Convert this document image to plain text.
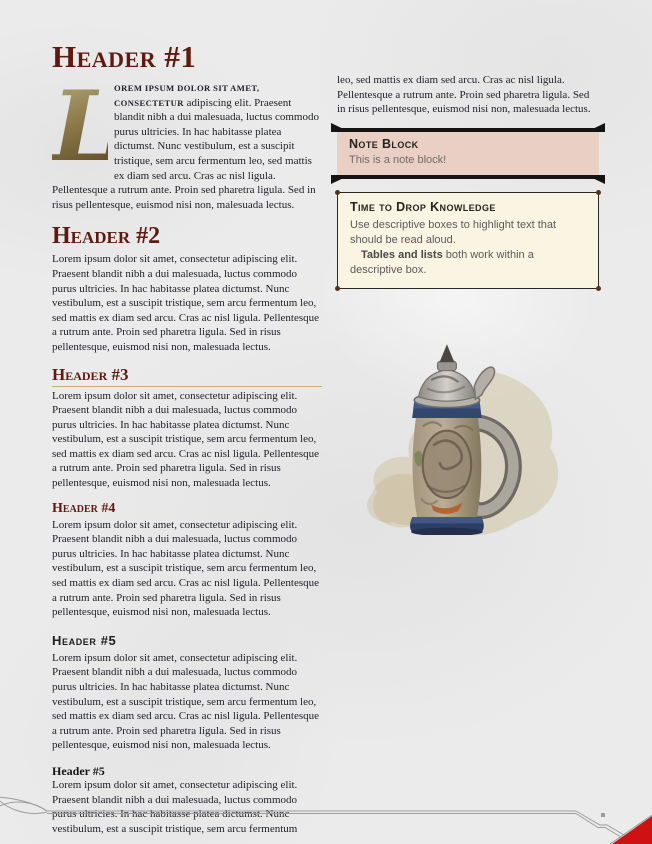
Header #1

L
OREM IPSUM DOLOR SIT AMET, CONSECTETUR adipiscing elit. Praesent blandit nibh a dui malesuada, luctus commodo purus ultricies. In hac habitasse platea dictumst. Nunc vestibulum, est a suscipit tristique, sem arcu fermentum leo, sed mattis ex diam sed arcu. Cras ac nisl ligula. Pellentesque a rutrum ante. Proin sed pharetra ligula. Sed in risus pellentesque, euismod nisi non, malesuada lectus.

Header #2

Lorem ipsum dolor sit amet, consectetur adipiscing elit. Praesent blandit nibh a dui malesuada, luctus commodo purus ultricies. In hac habitasse platea dictumst. Nunc vestibulum, est a suscipit tristique, sem arcu fermentum leo, sed mattis ex diam sed arcu. Cras ac nisl ligula. Pellentesque a rutrum ante. Proin sed pharetra ligula. Sed in risus pellentesque, euismod nisi non, malesuada lectus.

Header #3

Lorem ipsum dolor sit amet, consectetur adipiscing elit. Praesent blandit nibh a dui malesuada, luctus commodo purus ultricies. In hac habitasse platea dictumst. Nunc vestibulum, est a suscipit tristique, sem arcu fermentum leo, sed mattis ex diam sed arcu. Cras ac nisl ligula. Pellentesque a rutrum ante. Proin sed pharetra ligula. Sed in risus pellentesque, euismod nisi non, malesuada lectus.

Header #4

Lorem ipsum dolor sit amet, consectetur adipiscing elit. Praesent blandit nibh a dui malesuada, luctus commodo purus ultricies. In hac habitasse platea dictumst. Nunc vestibulum, est a suscipit tristique, sem arcu fermentum leo, sed mattis ex diam sed arcu. Cras ac nisl ligula. Pellentesque a rutrum ante. Proin sed pharetra ligula. Sed in risus pellentesque, euismod nisi non, malesuada lectus.

Header #5

Lorem ipsum dolor sit amet, consectetur adipiscing elit. Praesent blandit nibh a dui malesuada, luctus commodo purus ultricies. In hac habitasse platea dictumst. Nunc vestibulum, est a suscipit tristique, sem arcu fermentum leo, sed mattis ex diam sed arcu. Cras ac nisl ligula. Pellentesque a rutrum ante. Proin sed pharetra ligula. Sed in risus pellentesque, euismod nisi non, malesuada lectus.

Header #5

Lorem ipsum dolor sit amet, consectetur adipiscing elit. Praesent blandit nibh a dui malesuada, luctus commodo purus ultricies. In hac habitasse platea dictumst. Nunc vestibulum, est a suscipit tristique, sem arcu fermentum

leo, sed mattis ex diam sed arcu. Cras ac nisl ligula. Pellentesque a rutrum ante. Proin sed pharetra ligula. Sed in risus pellentesque, euismod nisi non, malesuada lectus.

Note Block
This is a note block!
Time to Drop Knowledge
Use descriptive boxes to highlight text that should be read aloud.
Tables and lists both work within a descriptive box.
